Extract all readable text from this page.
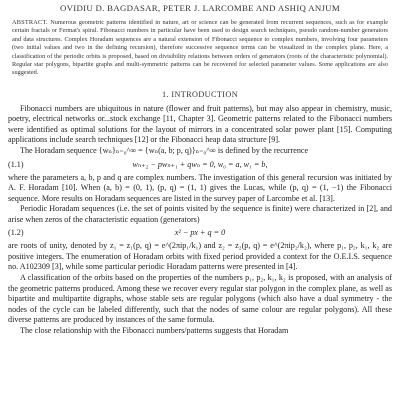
OVIDIU D. BAGDASAR, PETER J. LARCOMBE AND ASHIQ ANJUM
ABSTRACT. Numerous geometric patterns identified in nature, art or science can be generated from recurrent sequences, such as for example certain fractals or Fermat's spiral. Fibonacci numbers in particular have been used to design search techniques, pseudo random-number generators and data structures. Complex Horadam sequences are a natural extension of Fibonacci sequence to complex numbers, involving four parameters (two initial values and two in the defining recursion), therefore successive sequence terms can be visualized in the complex plane. Here, a classification of the periodic orbits is proposed, based on divisibility relations between orders of generators (roots of the characteristic polynomial). Regular star polygons, bipartite graphs and multi-symmetric patterns can be recovered for selected parameter values. Some applications are also suggested.
1. INTRODUCTION

Fibonacci numbers are ubiquitous in nature (flower and fruit patterns), but may also appear in chemistry, music, poetry, electrical networks or...stock exchange [11, Chapter 3]. Geometric patterns related to the Fibonacci numbers were identified as optimal solutions for the layout of mirrors in a concentrated solar power plant [15]. Computing applications include search techniques [12] or the Fibonacci heap data structure [9].

The Horadam sequence {wₙ}ₙ₌₀^∞ = {wₙ(a, b; p, q)}ₙ₌₀^∞ is defined by the recurrence

(1.1)	wₙ₊₂ − pwₙ₊₁ + qwₙ = 0, w₀ = a, w₁ = b,

where the parameters a, b, p and q are complex numbers. The investigation of this general recursion was initiated by A. F. Horadam [10]. When (a, b) = (0, 1), (p, q) = (1, 1) gives the Lucas, while (p, q) = (1, −1) the Fibonacci sequence. More results on Horadam sequences are listed in the survey paper of Larcombe et al. [13].

Periodic Horadam sequences (i.e. the set of points visited by the sequence is finite) were characterized in [2], and arise when zeros of the characteristic equation (generators)

(1.2)	x² − px + q = 0

are roots of unity, denoted by z₁ = z₁(p, q) = e^(2πip₁/k₁) and z₂ = z₂(p, q) = e^(2πip₂/k₂), where p₁, p₂, k₁, k₂ are positive integers. The enumeration of Horadam orbits with fixed period provided a context for the O.E.I.S. sequence no. A102309 [3], while some particular periodic Horadam patterns were presented in [4].

A classification of the orbits based on the properties of the numbers p₁, p₂, k₁, k₂ is proposed, with an analysis of the geometric patterns produced. Among these we recover every regular star polygon in the complex plane, as well as bipartite and multipartite digraphs, whose stable sets are regular polygons (which also have a dual symmetry - the nodes of the cycle can be labeled differently, such that the nodes of same colour are regular polygons). All these diverse patterns are produced by instances of the same formula.

The close relationship with the Fibonacci numbers/patterns suggests that Horadam
